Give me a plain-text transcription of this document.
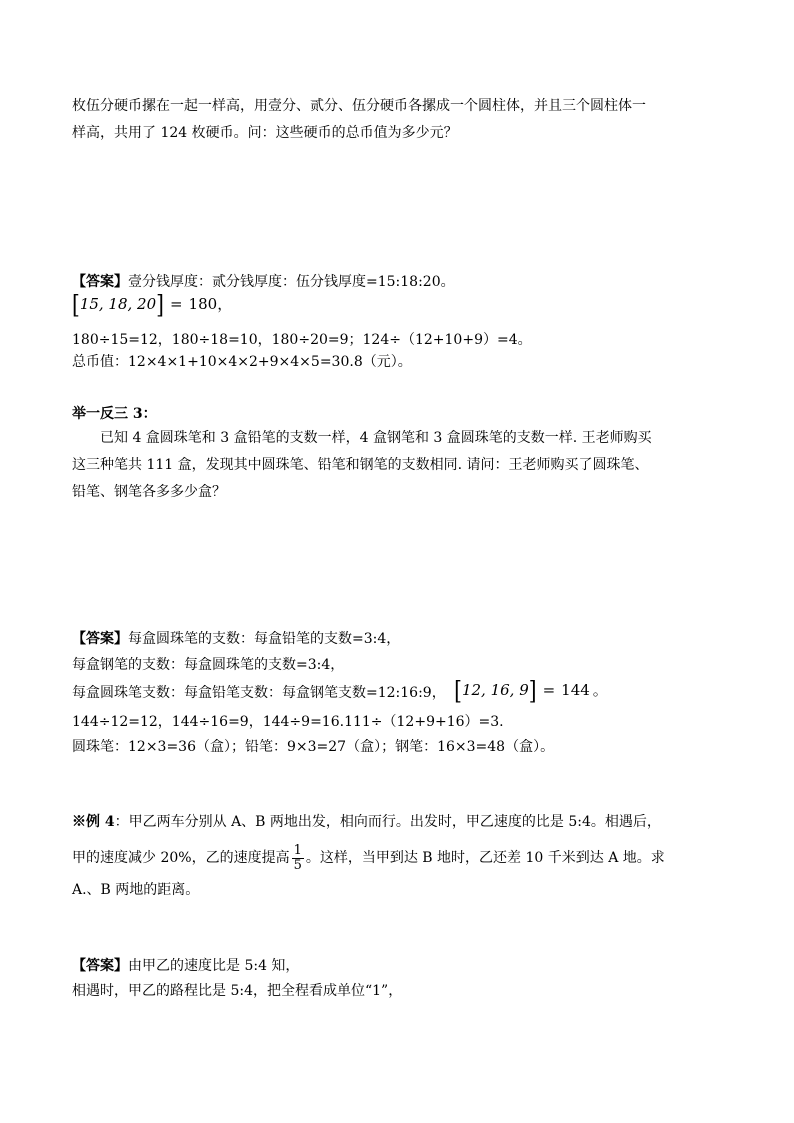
枚伍分硬币摞在一起一样高，用壹分、贰分、伍分硬币各摞成一个圆柱体，并且三个圆柱体一
样高，共用了 124 枚硬币。问：这些硬币的总币值为多少元？
【答案】壹分钱厚度：贰分钱厚度：伍分钱厚度=15:18:20。
[ 15, 18, 20 ] = 180 ，
180÷15=12，180÷18=10，180÷20=9；124÷（12+10+9）=4。
总币值：12×4×1+10×4×2+9×4×5=30.8（元）。
举一反三 3：
已知 4 盒圆珠笔和 3 盒铅笔的支数一样，4 盒钢笔和 3 盒圆珠笔的支数一样. 王老师购买
这三种笔共 111 盒，发现其中圆珠笔、铅笔和钢笔的支数相同. 请问：王老师购买了圆珠笔、
铅笔、钢笔各多多少盒？
【答案】每盒圆珠笔的支数：每盒铅笔的支数=3:4，
每盒钢笔的支数：每盒圆珠笔的支数=3:4，
每盒圆珠笔支数：每盒铅笔支数：每盒钢笔支数=12:16:9， [ 12, 16, 9 ] = 144 。
144÷12=12，144÷16=9，144÷9=16.111÷（12+9+16）=3.
圆珠笔：12×3=36（盒）；铅笔：9×3=27（盒）；钢笔：16×3=48（盒）。
※例 4：甲乙两车分别从 A、B 两地出发，相向而行。出发时，甲乙速度的比是 5:4。相遇后，
甲的速度减少 20%，乙的速度提高 $\frac{1}{5}$ 。这样，当甲到达 B 地时，乙还差 10 千米到达 A 地。求
A.、B 两地的距离。
【答案】由甲乙的速度比是 5:4 知，
相遇时，甲乙的路程比是 5:4，把全程看成单位“1”，
